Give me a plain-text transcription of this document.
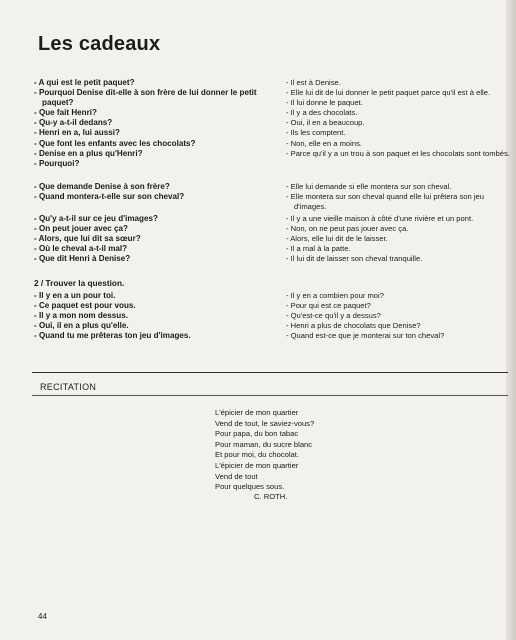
Les cadeaux
- A qui est le petit paquet?
- Pourquoi Denise dit-elle à son frère de lui donner le petit paquet?
- Que fait Henri?
- Qu-y a-t-il dedans?
- Henri en a, lui aussi?
- Que font les enfants avec les chocolats?
- Denise en a plus qu'Henri?
- Pourquoi?
- Il est à Denise.
- Elle lui dit de lui donner le petit paquet parce qu'il est à elle.
- Il lui donne le paquet.
- Il y a des chocolats.
- Oui, il en a beaucoup.
- Ils les comptent.
- Non, elle en a moins.
- Parce qu'il y a un trou à son paquet et les chocolats sont tombés.
- Que demande Denise à son frère?
- Quand montera-t-elle sur son cheval?
- Elle lui demande si elle montera sur son cheval.
- Elle montera sur son cheval quand elle lui prêtera son jeu d'images.
- Qu'y a-t-il sur ce jeu d'images?
- On peut jouer avec ça?
- Alors, que lui dit sa sœur?
- Où le cheval a-t-il mal?
- Que dit Henri à Denise?
- Il y a une vieille maison à côté d'une rivière et un pont.
- Non, on ne peut pas jouer avec ça.
- Alors, elle lui dit de le laisser.
- Il a mal à la patte.
- Il lui dit de laisser son cheval tranquille.
2 / Trouver la question.
- Il y en a un pour toi.
- Ce paquet est pour vous.
- Il y a mon nom dessus.
- Oui, il en a plus qu'elle.
- Quand tu me prêteras ton jeu d'images.
- Il y en a combien pour moi?
- Pour qui est ce paquet?
- Qu'est-ce qu'il y a dessus?
- Henri a plus de chocolats que Denise?
- Quand est-ce que je monterai sur ton cheval?
RECITATION
L'épicier de mon quartier
Vend de tout, le saviez-vous?
Pour papa, du bon tabac
Pour maman, du sucre blanc
Et pour moi, du chocolat.
L'épicier de mon quartier
Vend de tout
Pour quelques sous.
C. ROTH.
44
